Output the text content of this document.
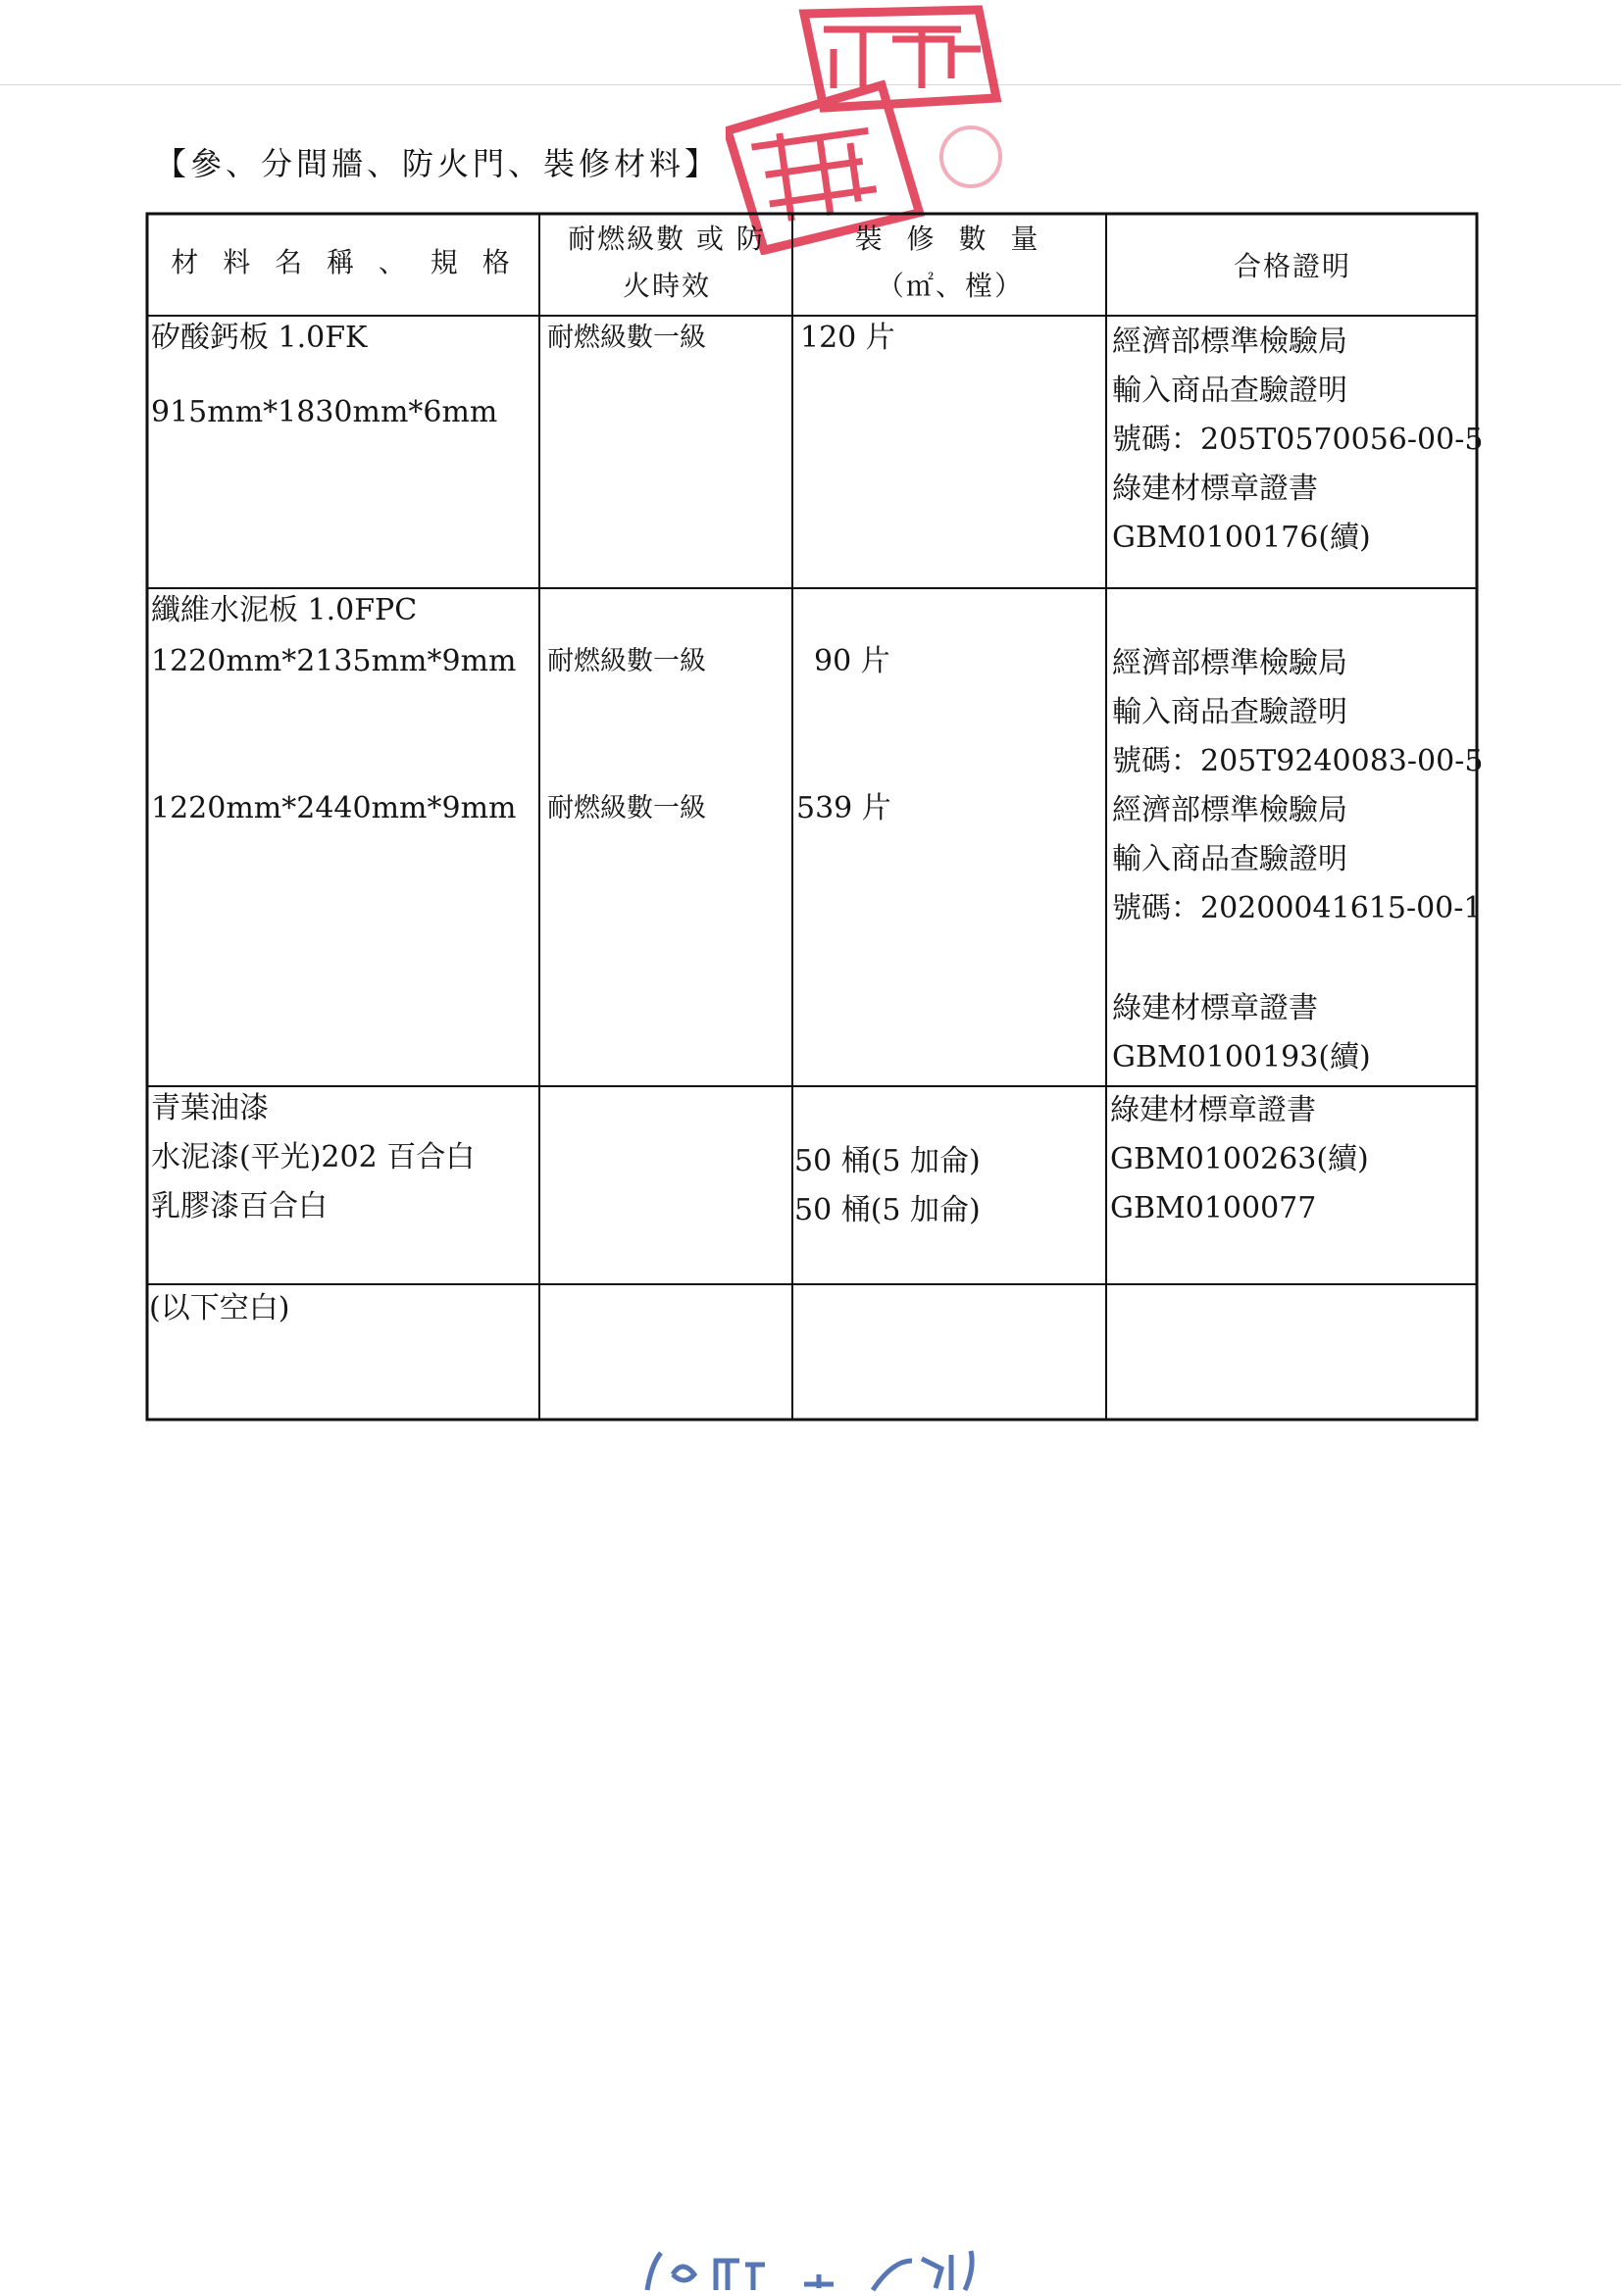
【參、分間牆、防火門、裝修材料】
材 料 名 稱 、 規 格
耐燃級數 或 防
火時效
裝 修 數 量
（㎡、樘）
合格證明
矽酸鈣板 1.0FK
915mm*1830mm*6mm
耐燃級數一級	120 片	經濟部標準檢驗局
輸入商品查驗證明
號碼：205T0570056-00-5
綠建材標章證書
GBM0100176(續)
纖維水泥板 1.0FPC
1220mm*2135mm*9mm
1220mm*2440mm*9mm
耐燃級數一級
耐燃級數一級
90 片
539 片
經濟部標準檢驗局
輸入商品查驗證明
號碼：205T9240083-00-5
經濟部標準檢驗局
輸入商品查驗證明
號碼：20200041615-00-1
綠建材標章證書
GBM0100193(續)
青葉油漆
水泥漆(平光)202 百合白
乳膠漆百合白
50 桶(5 加侖)
50 桶(5 加侖)
綠建材標章證書
GBM0100263(續)
GBM0100077
(以下空白)
